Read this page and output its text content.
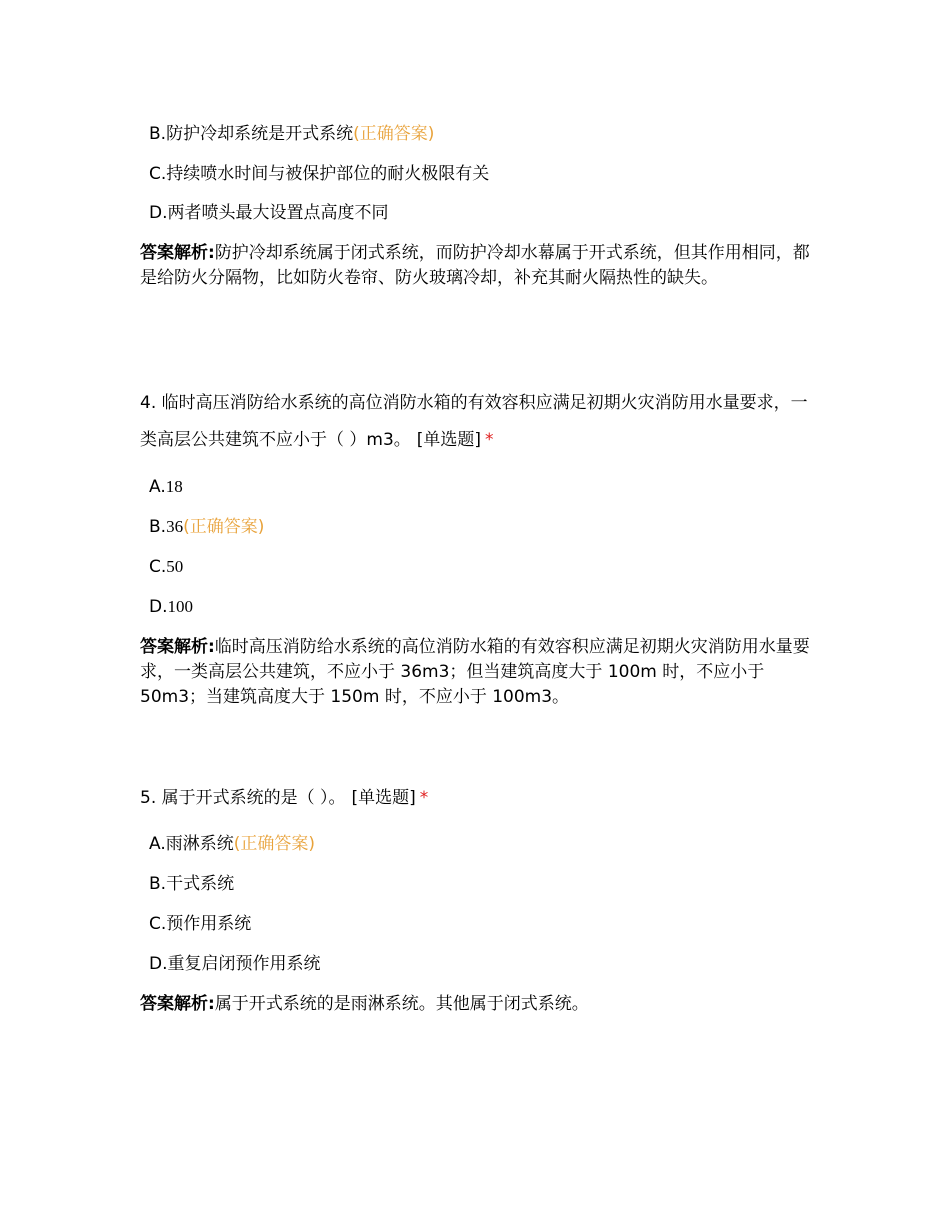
B.防护冷却系统是开式系统(正确答案)
C.持续喷水时间与被保护部位的耐火极限有关
D.两者喷头最大设置点高度不同
答案解析:防护冷却系统属于闭式系统，而防护冷却水幕属于开式系统，但其作用相同，都是给防火分隔物，比如防火卷帘、防火玻璃冷却，补充其耐火隔热性的缺失。
4. 临时高压消防给水系统的高位消防水箱的有效容积应满足初期火灾消防用水量要求，一类高层公共建筑不应小于（ ）m3。 [单选题] *
A.18
B.36(正确答案)
C.50
D.100
答案解析:临时高压消防给水系统的高位消防水箱的有效容积应满足初期火灾消防用水量要求，一类高层公共建筑，不应小于 36m3；但当建筑高度大于 100m 时，不应小于 50m3；当建筑高度大于 150m 时，不应小于 100m3。
5. 属于开式系统的是（ ）。 [单选题] *
A.雨淋系统(正确答案)
B.干式系统
C.预作用系统
D.重复启闭预作用系统
答案解析:属于开式系统的是雨淋系统。其他属于闭式系统。
